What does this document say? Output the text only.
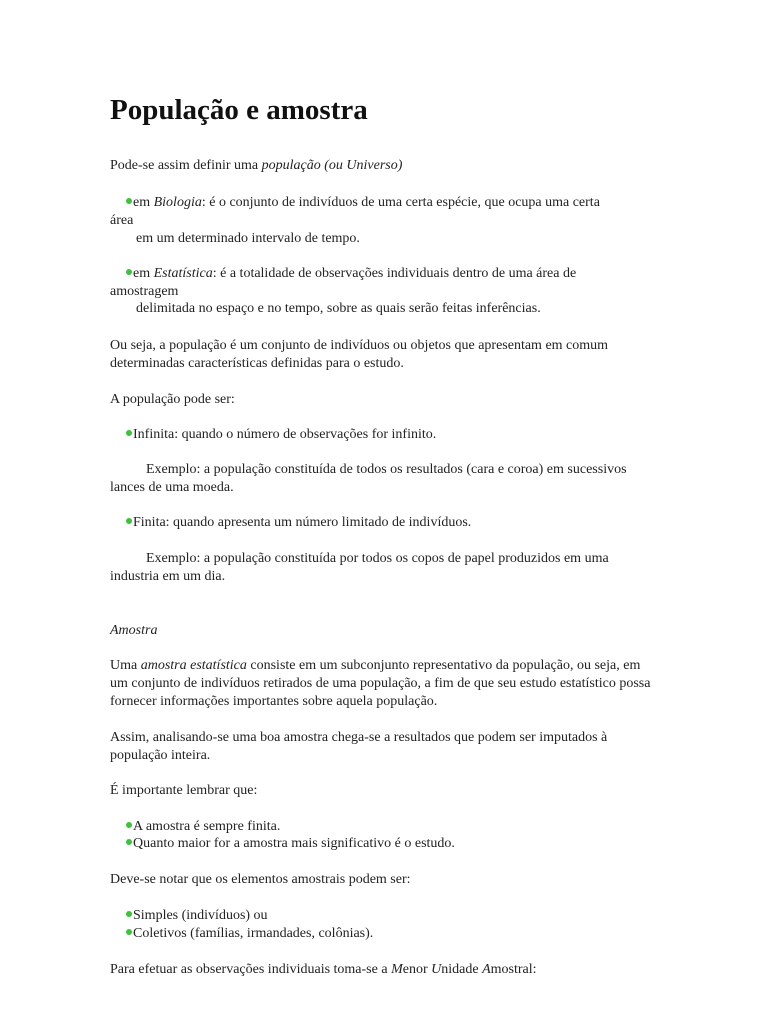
População e amostra

Pode-se assim definir uma população (ou Universo)

em Biologia: é o conjunto de indivíduos de uma certa espécie, que ocupa uma certa

área

em um determinado intervalo de tempo.

em Estatística: é a totalidade de observações individuais dentro de uma área de

amostragem

delimitada no espaço e no tempo, sobre as quais serão feitas inferências.

Ou seja, a população é um conjunto de indivíduos ou objetos que apresentam em comum determinadas características definidas para o estudo.

A população pode ser:

Infinita: quando o número de observações for infinito.

Exemplo: a população constituída de todos os resultados (cara e coroa) em sucessivos lances de uma moeda.

Finita: quando apresenta um número limitado de indivíduos.

Exemplo: a população constituída por todos os copos de papel produzidos em uma industria em um dia.

Amostra

Uma amostra estatística consiste em um subconjunto representativo da população, ou seja, em um conjunto de indivíduos retirados de uma população, a fim de que seu estudo estatístico possa fornecer informações importantes sobre aquela população.

Assim, analisando-se uma boa amostra chega-se a resultados que podem ser imputados à população inteira.

É importante lembrar que:

A amostra é sempre finita.

Quanto maior for a amostra mais significativo é o estudo.

Deve-se notar que os elementos amostrais podem ser:

Simples (indivíduos) ou

Coletivos (famílias, irmandades, colônias).

Para efetuar as observações individuais toma-se a Menor Unidade Amostral:
